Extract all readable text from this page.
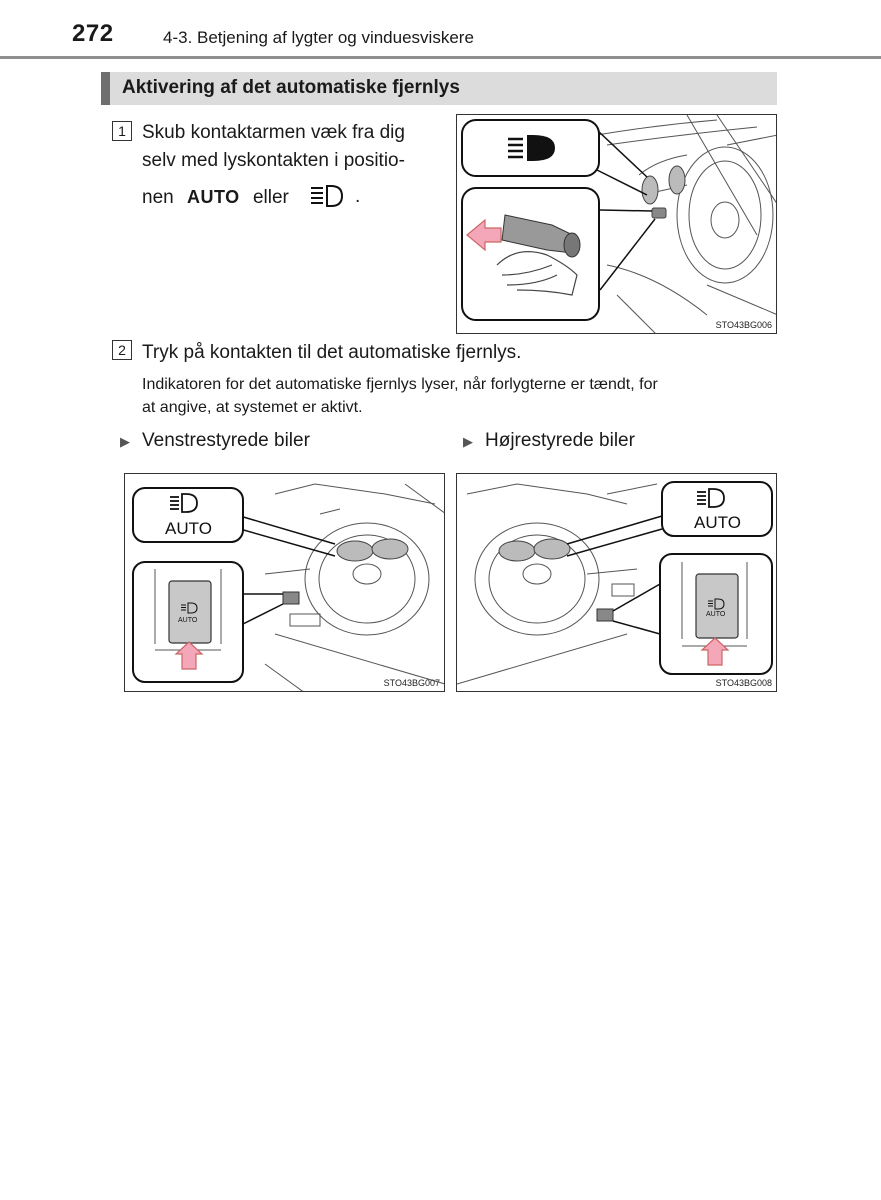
272	4-3. Betjening af lygter og vinduesviskere
Aktivering af det automatiske fjernlys
1 Skub kontaktarmen væk fra dig
selv med lyskontakten i positio-
nen AUTO eller	.
STO43BG006
2 Tryk på kontakten til det automatiske fjernlys.
Indikatoren for det automatiske fjernlys lyser, når forlygterne er tændt, for
at angive, at systemet er aktivt.
▶ Venstrestyrede biler	▶ Højrestyrede biler
AUTO
AUTO
STO43BG007
AUTO
AUTO
STO43BG008
